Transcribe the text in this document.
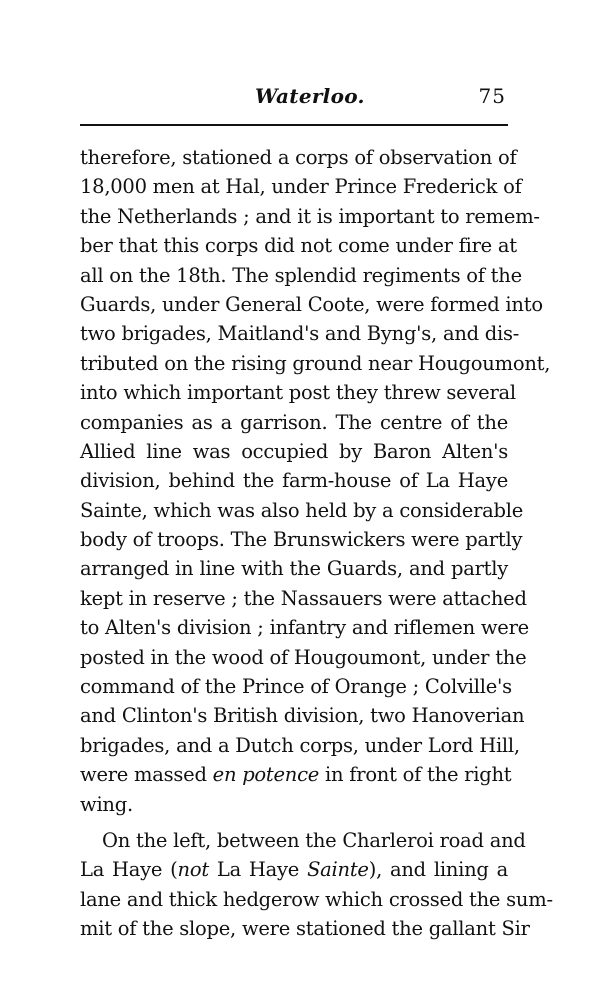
Waterloo.	75
therefore, stationed a corps of observation of
18,000 men at Hal, under Prince Frederick of
the Netherlands ; and it is important to remem-
ber that this corps did not come under fire at
all on the 18th. The splendid regiments of the
Guards, under General Coote, were formed into
two brigades, Maitland's and Byng's, and dis-
tributed on the rising ground near Hougoumont,
into which important post they threw several
companies as a garrison. The centre of the
Allied line was occupied by Baron Alten's
division, behind the farm-house of La Haye
Sainte, which was also held by a considerable
body of troops. The Brunswickers were partly
arranged in line with the Guards, and partly
kept in reserve ; the Nassauers were attached
to Alten's division ; infantry and riflemen were
posted in the wood of Hougoumont, under the
command of the Prince of Orange ; Colville's
and Clinton's British division, two Hanoverian
brigades, and a Dutch corps, under Lord Hill,
were massed en potence in front of the right
wing.
On the left, between the Charleroi road and
La Haye (not La Haye Sainte), and lining a
lane and thick hedgerow which crossed the sum-
mit of the slope, were stationed the gallant Sir
